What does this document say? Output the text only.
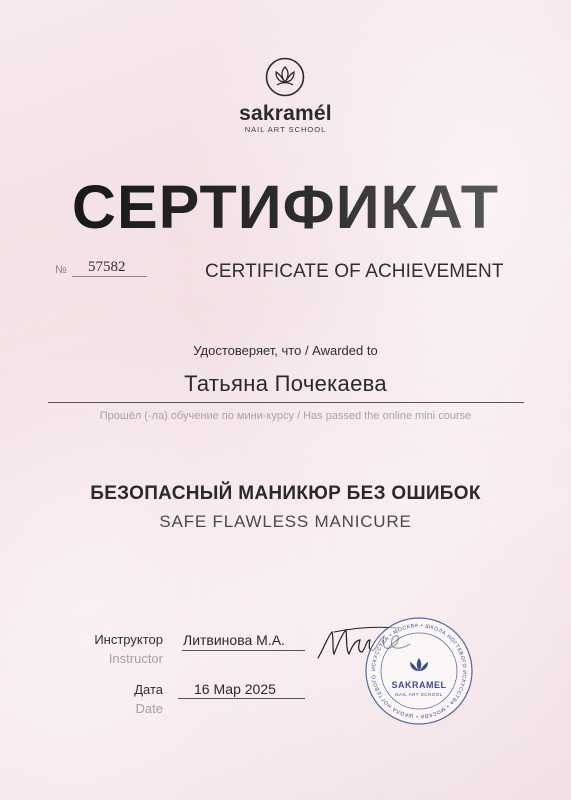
sakramél
NAIL ART SCHOOL
СЕРТИФИКАТ
№	57582	CERTIFICATE OF ACHIEVEMENT
Удостоверяет, что / Awarded to
Татьяна Почекаева
Прошёл (-ла) обучение по мини-курсу / Has passed the online mini course
БЕЗОПАСНЫЙ МАНИКЮР БЕЗ ОШИБОК
SAFE FLAWLESS MANICURE
Инструктор
Instructor
Литвинова М.А.
Дата
Date
16 Мар 2025
ИСКУССТВА • МОСКВА • ШКОЛА НОГТЕВОГО ИСКУССТВА • МОСКВА • ШКОЛА НОГТЕВОГО
SAKRAMEL
NAIL ART SCHOOL
